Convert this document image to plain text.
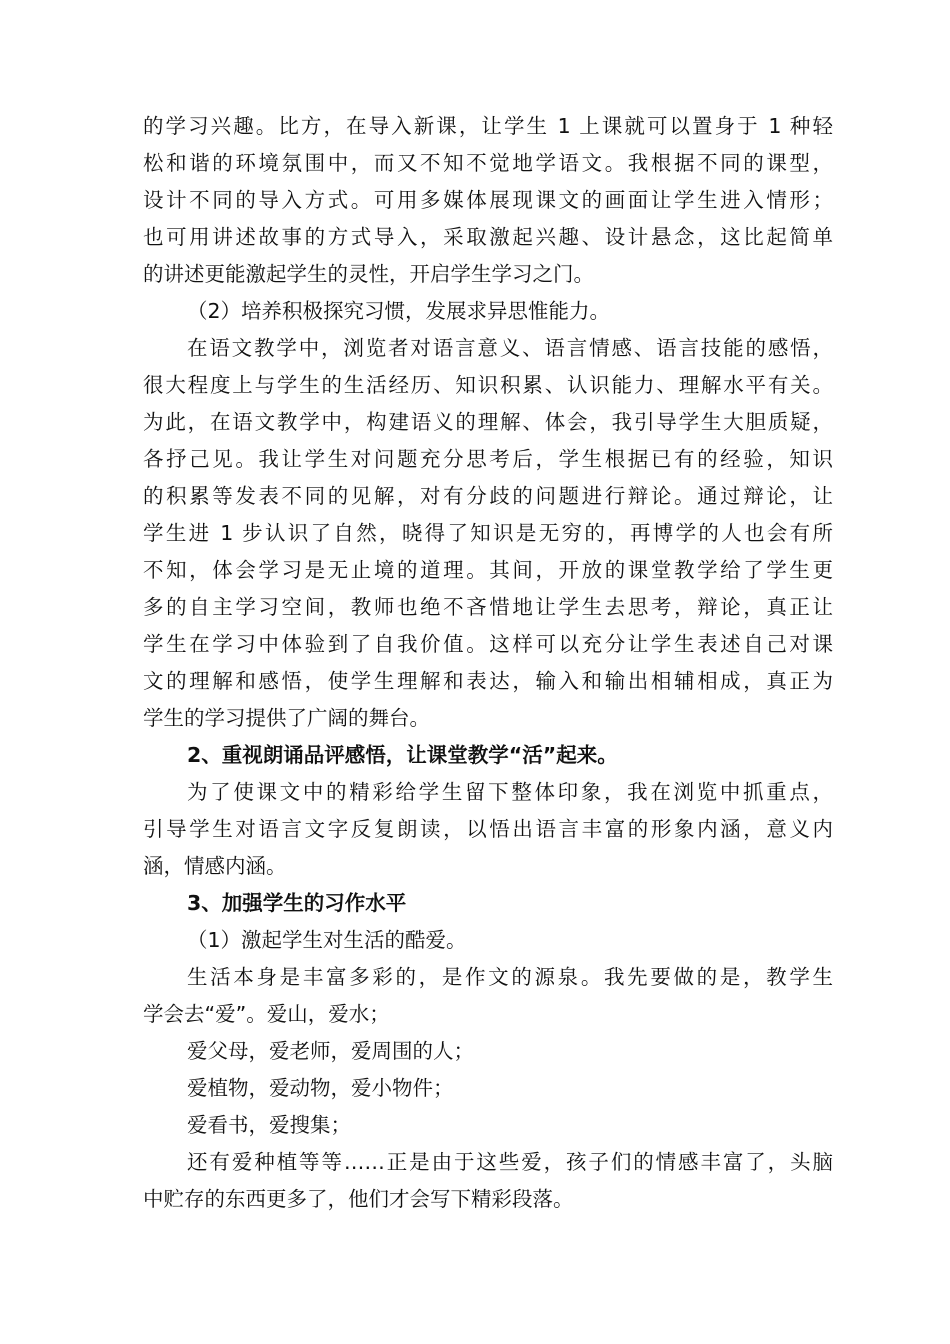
的学习兴趣。比方，在导入新课，让学生 1 上课就可以置身于 1 种轻
松和谐的环境氛围中，而又不知不觉地学语文。我根据不同的课型，
设计不同的导入方式。可用多媒体展现课文的画面让学生进入情形；
也可用讲述故事的方式导入，采取激起兴趣、设计悬念，这比起简单
的讲述更能激起学生的灵性，开启学生学习之门。
（2）培养积极探究习惯，发展求异思惟能力。
在语文教学中，浏览者对语言意义、语言情感、语言技能的感悟，
很大程度上与学生的生活经历、知识积累、认识能力、理解水平有关。
为此，在语文教学中，构建语义的理解、体会，我引导学生大胆质疑，
各抒己见。我让学生对问题充分思考后，学生根据已有的经验，知识
的积累等发表不同的见解，对有分歧的问题进行辩论。通过辩论，让
学生进 1 步认识了自然，晓得了知识是无穷的，再博学的人也会有所
不知，体会学习是无止境的道理。其间，开放的课堂教学给了学生更
多的自主学习空间，教师也绝不吝惜地让学生去思考，辩论，真正让
学生在学习中体验到了自我价值。这样可以充分让学生表述自己对课
文的理解和感悟，使学生理解和表达，输入和输出相辅相成，真正为
学生的学习提供了广阔的舞台。
2、重视朗诵品评感悟，让课堂教学“活”起来。
为了使课文中的精彩给学生留下整体印象，我在浏览中抓重点，
引导学生对语言文字反复朗读，以悟出语言丰富的形象内涵，意义内
涵，情感内涵。
3、加强学生的习作水平
（1）激起学生对生活的酷爱。
生活本身是丰富多彩的，是作文的源泉。我先要做的是，教学生
学会去“爱”。爱山，爱水；
爱父母，爱老师，爱周围的人；
爱植物，爱动物，爱小物件；
爱看书，爱搜集；
还有爱种植等等……正是由于这些爱，孩子们的情感丰富了，头脑
中贮存的东西更多了，他们才会写下精彩段落。
